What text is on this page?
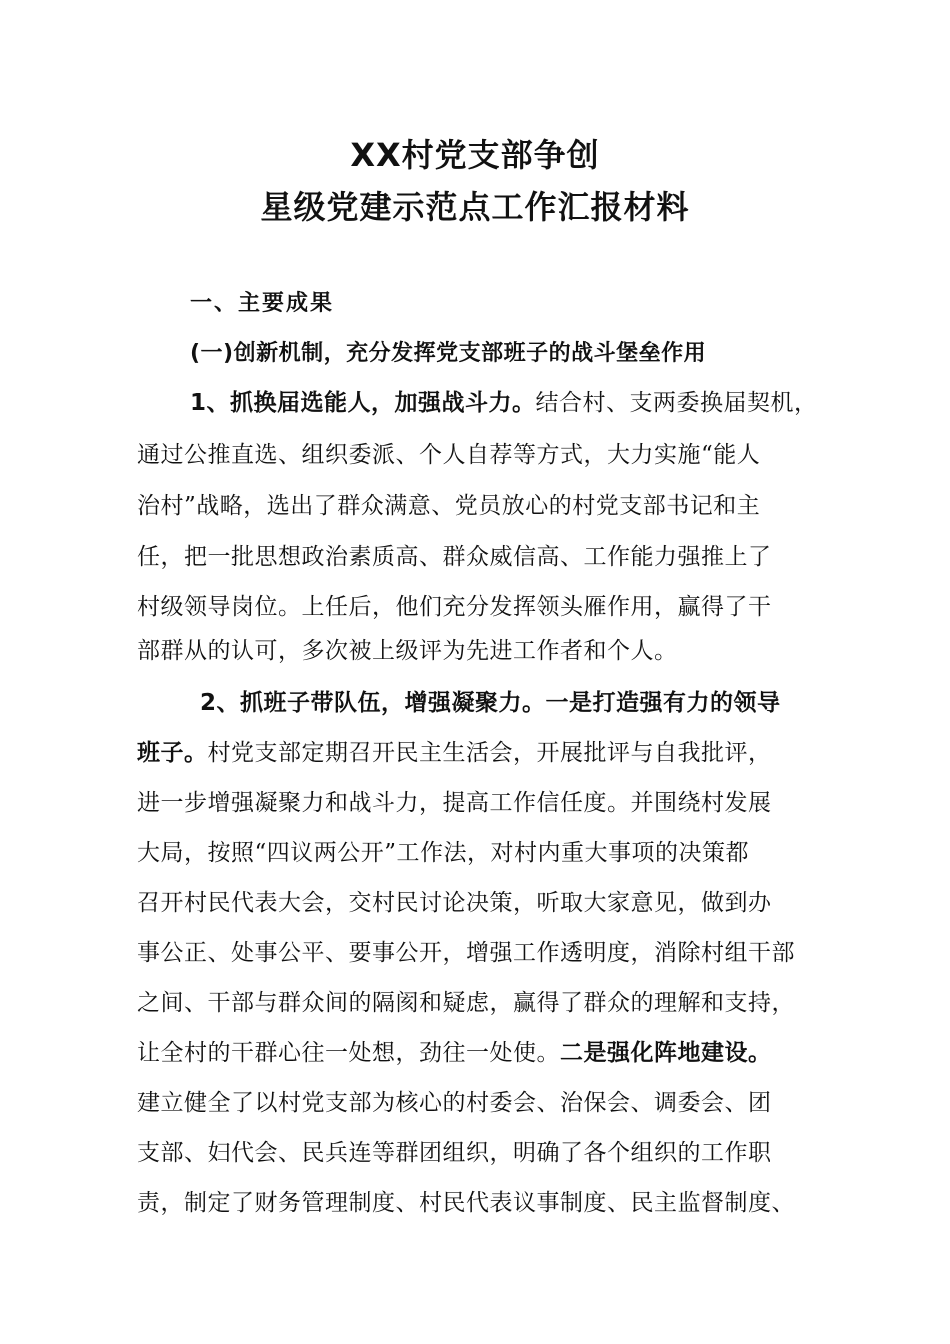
XX村党支部争创
星级党建示范点工作汇报材料
一、主要成果
(一)创新机制，充分发挥党支部班子的战斗堡垒作用
1、抓换届选能人，加强战斗力。结合村、支两委换届契机，
通过公推直选、组织委派、个人自荐等方式，大力实施“能人
治村”战略，选出了群众满意、党员放心的村党支部书记和主
任，把一批思想政治素质高、群众威信高、工作能力强推上了
村级领导岗位。上任后，他们充分发挥领头雁作用，赢得了干
部群从的认可，多次被上级评为先进工作者和个人。
2、抓班子带队伍，增强凝聚力。一是打造强有力的领导
班子。村党支部定期召开民主生活会，开展批评与自我批评，
进一步增强凝聚力和战斗力，提高工作信任度。并围绕村发展
大局，按照“四议两公开”工作法，对村内重大事项的决策都
召开村民代表大会，交村民讨论决策，听取大家意见，做到办
事公正、处事公平、要事公开，增强工作透明度，消除村组干部
之间、干部与群众间的隔阂和疑虑，赢得了群众的理解和支持，
让全村的干群心往一处想，劲往一处使。二是强化阵地建设。
建立健全了以村党支部为核心的村委会、治保会、调委会、团
支部、妇代会、民兵连等群团组织，明确了各个组织的工作职
责，制定了财务管理制度、村民代表议事制度、民主监督制度、
